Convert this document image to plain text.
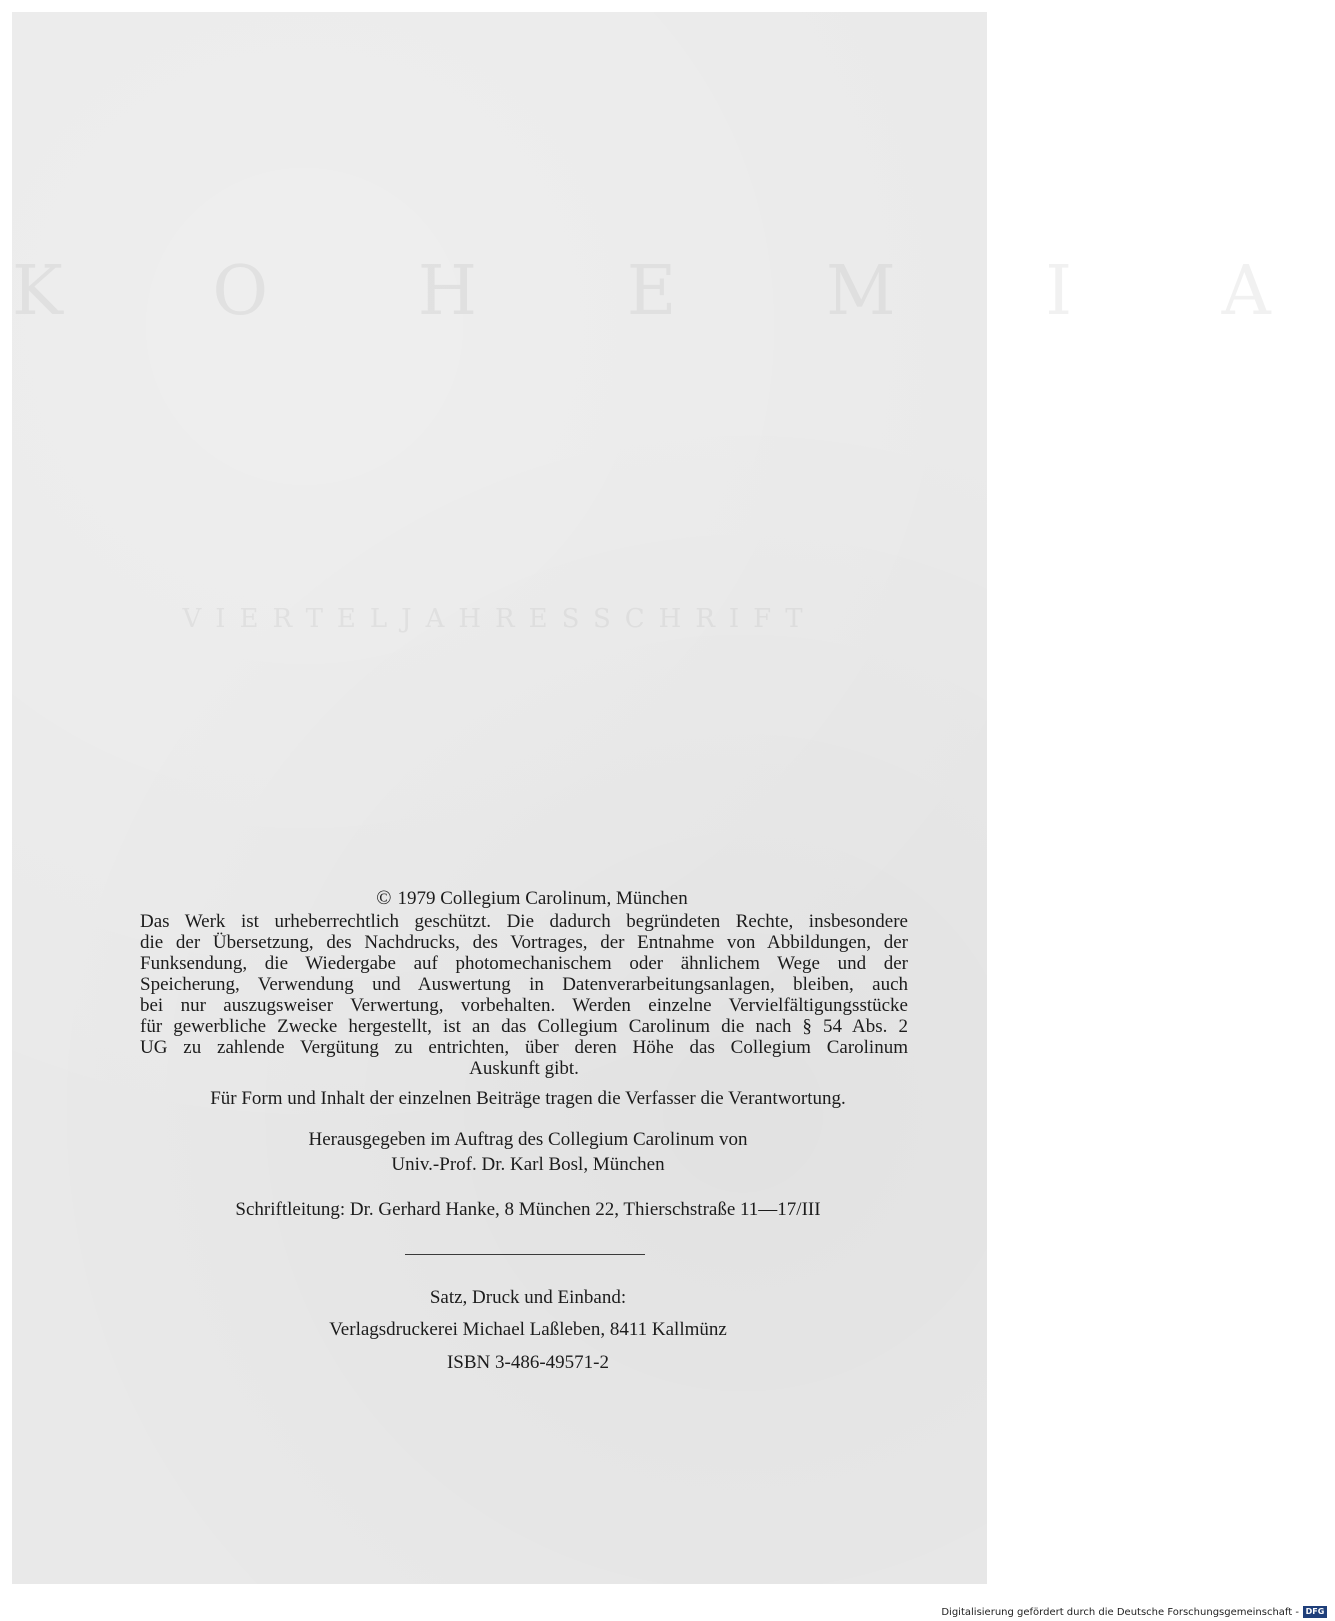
K O H E M I A
VIERTELJAHRESSCHRIFT
© 1979 Collegium Carolinum, München
Das Werk ist urheberrechtlich geschützt. Die dadurch begründeten Rechte, insbesondere
die der Übersetzung, des Nachdrucks, des Vortrages, der Entnahme von Abbildungen, der
Funksendung, die Wiedergabe auf photomechanischem oder ähnlichem Wege und der
Speicherung, Verwendung und Auswertung in Datenverarbeitungsanlagen, bleiben, auch
bei nur auszugsweiser Verwertung, vorbehalten. Werden einzelne Vervielfältigungsstücke
für gewerbliche Zwecke hergestellt, ist an das Collegium Carolinum die nach § 54 Abs. 2
UG zu zahlende Vergütung zu entrichten, über deren Höhe das Collegium Carolinum
Auskunft gibt.
Für Form und Inhalt der einzelnen Beiträge tragen die Verfasser die Verantwortung.
Herausgegeben im Auftrag des Collegium Carolinum von
Univ.-Prof. Dr. Karl Bosl, München
Schriftleitung: Dr. Gerhard Hanke, 8 München 22, Thierschstraße 11—17/III
Satz, Druck und Einband:
Verlagsdruckerei Michael Laßleben, 8411 Kallmünz
ISBN 3-486-49571-2
Digitalisierung gefördert durch die Deutsche Forschungsgemeinschaft - DFG
